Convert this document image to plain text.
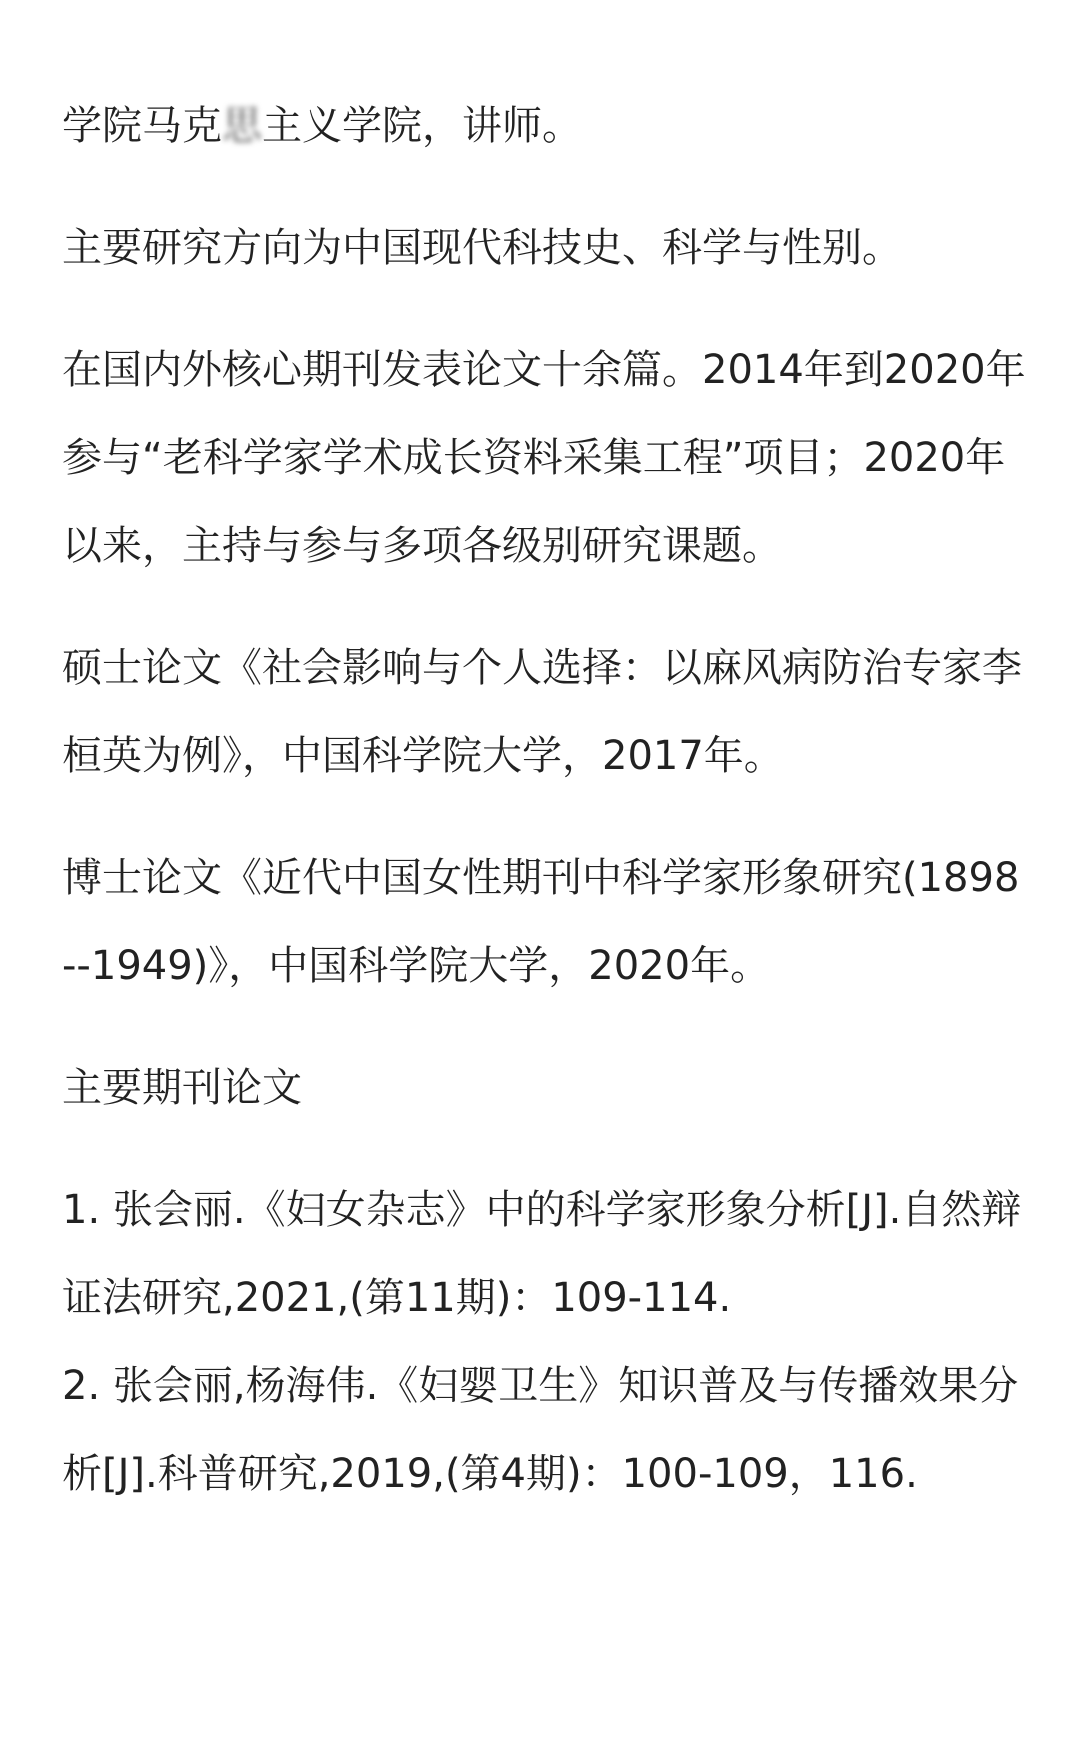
学院马克思主义学院，讲师。

主要研究方向为中国现代科技史、科学与性别。

在国内外核心期刊发表论文十余篇。2014年到2020年参与“老科学家学术成长资料采集工程”项目；2020年以来，主持与参与多项各级别研究课题。

硕士论文《社会影响与个人选择：以麻风病防治专家李桓英为例》，中国科学院大学，2017年。

博士论文《近代中国女性期刊中科学家形象研究(1898--1949)》，中国科学院大学，2020年。

主要期刊论文

1. 张会丽.《妇女杂志》中的科学家形象分析[J].自然辩证法研究,2021,(第11期)：109-114.

2. 张会丽,杨海伟.《妇婴卫生》知识普及与传播效果分析[J].科普研究,2019,(第4期)：100-109，116.
